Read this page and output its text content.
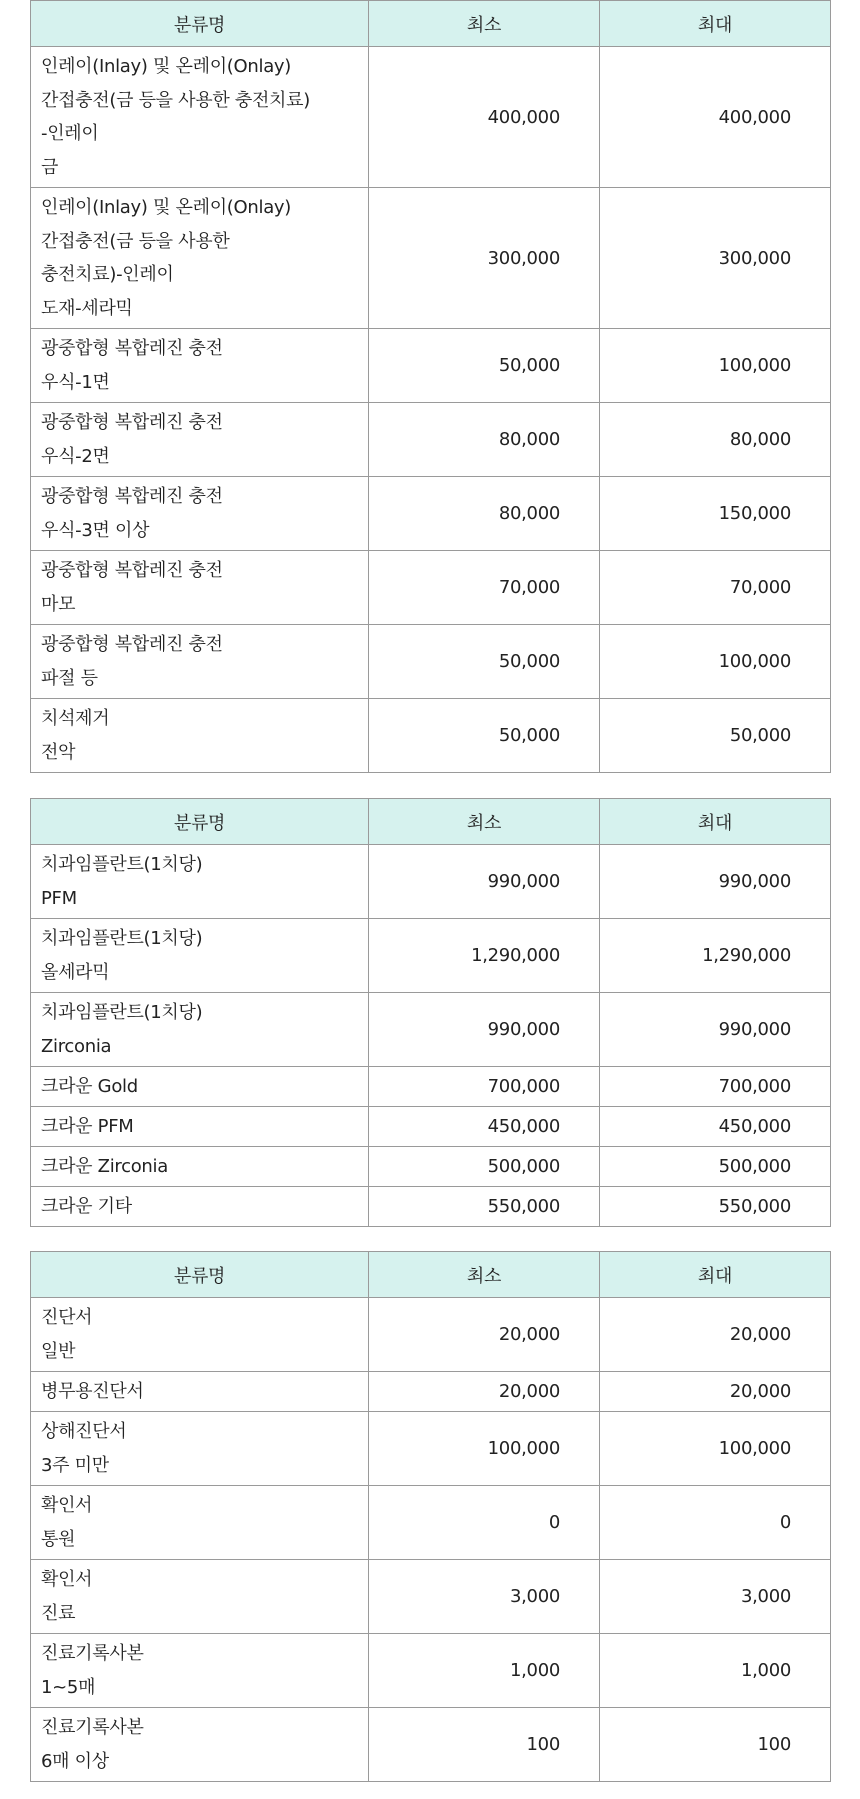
분류명	최소	최대

인레이(Inlay) 및 온레이(Onlay)
간접충전(금 등을 사용한 충전치료)
-인레이
금	400,000	400,000

인레이(Inlay) 및 온레이(Onlay)
간접충전(금 등을 사용한
충전치료)-인레이
도재-세라믹	300,000	300,000

광중합형 복합레진 충전
우식-1면	50,000	100,000

광중합형 복합레진 충전
우식-2면	80,000	80,000

광중합형 복합레진 충전
우식-3면 이상	80,000	150,000

광중합형 복합레진 충전
마모	70,000	70,000

광중합형 복합레진 충전
파절 등	50,000	100,000

치석제거
전악	50,000	50,000
분류명	최소	최대

치과임플란트(1치당)
PFM	990,000	990,000

치과임플란트(1치당)
올세라믹	1,290,000	1,290,000

치과임플란트(1치당)
Zirconia	990,000	990,000

크라운 Gold	700,000	700,000

크라운 PFM	450,000	450,000

크라운 Zirconia	500,000	500,000

크라운 기타	550,000	550,000
분류명	최소	최대

진단서
일반	20,000	20,000

병무용진단서	20,000	20,000

상해진단서
3주 미만	100,000	100,000

확인서
통원	0	0

확인서
진료	3,000	3,000

진료기록사본
1~5매	1,000	1,000

진료기록사본
6매 이상	100	100
